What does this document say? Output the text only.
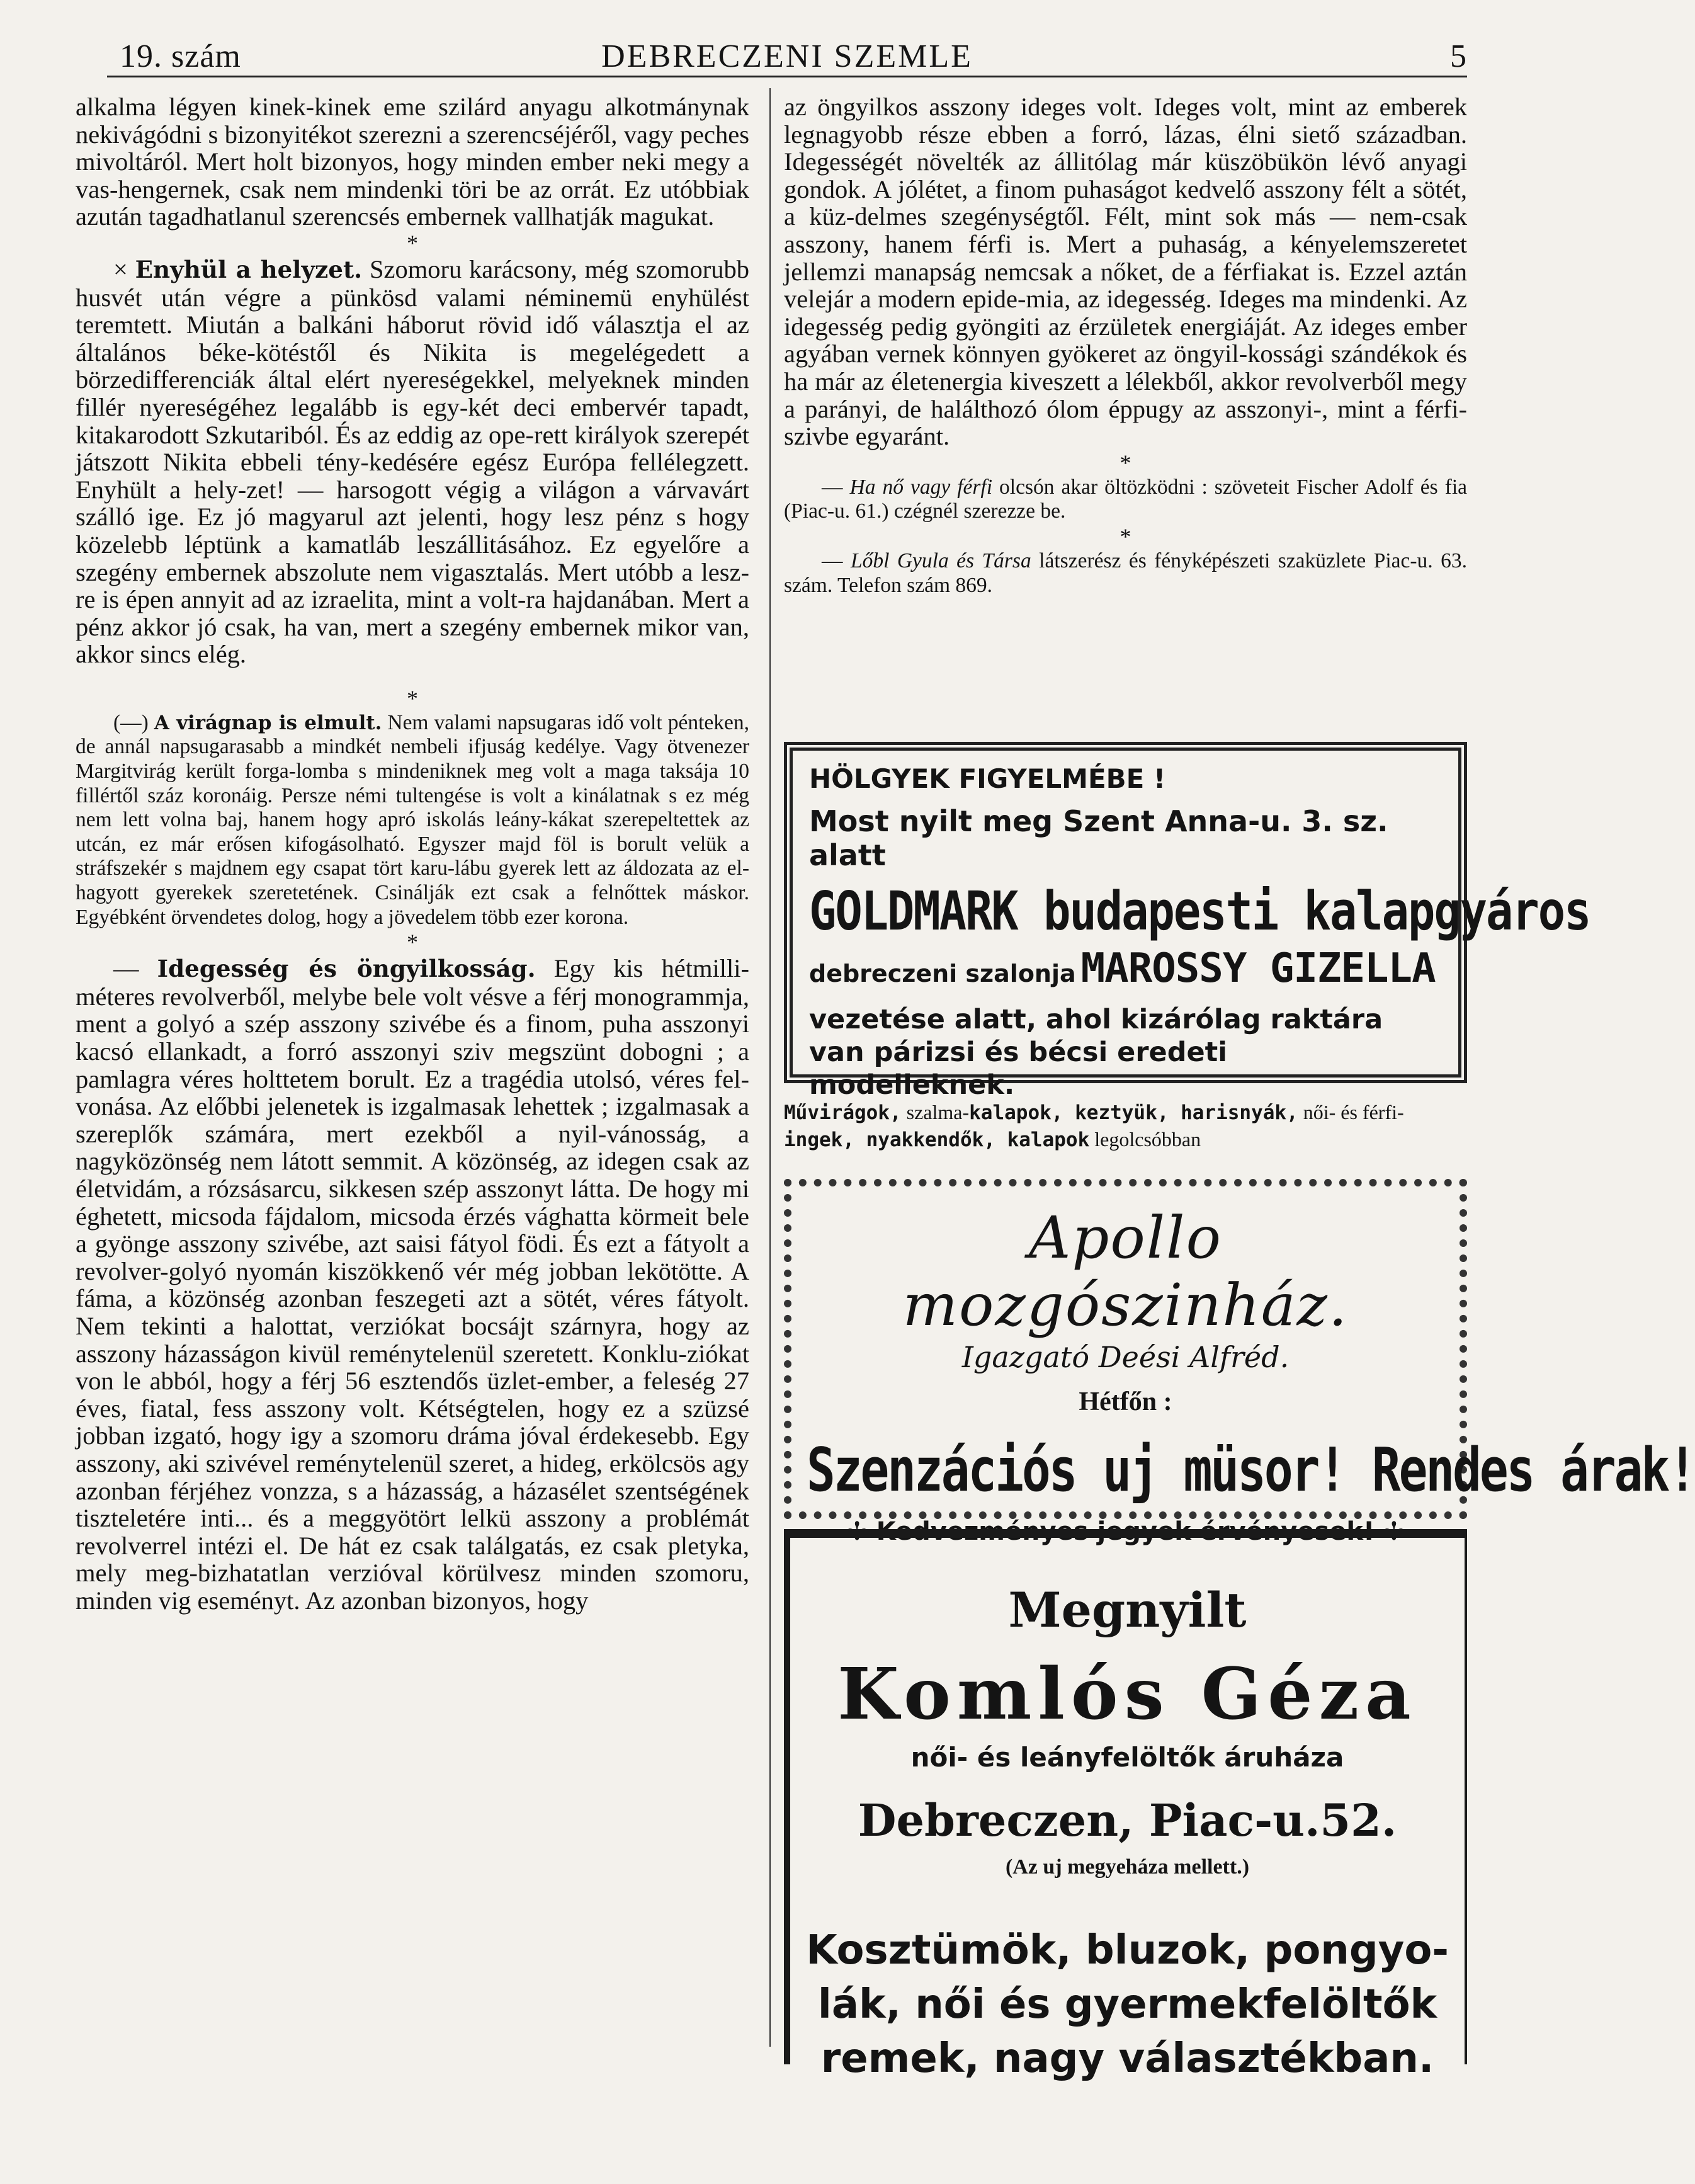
19. szám	DEBRECZENI SZEMLE	5

alkalma légyen kinek-kinek eme szilárd anyagu alkotmánynak nekivágódni s bizonyitékot szerezni a szerencséjéről, vagy peches mivoltáról. Mert holt bizonyos, hogy minden ember neki megy a vas-hengernek, csak nem mindenki töri be az orrát. Ez utóbbiak azután tagadhatlanul szerencsés embernek vallhatják magukat.

*

× Enyhül a helyzet. Szomoru karácsony, még szomorubb husvét után végre a pünkösd valami néminemü enyhülést teremtett. Miután a balkáni háborut rövid idő választja el az általános béke-kötéstől és Nikita is megelégedett a börzedifferenciák által elért nyereségekkel, melyeknek minden fillér nyereségéhez legalább is egy-két deci embervér tapadt, kitakarodott Szkutariból. És az eddig az ope-rett királyok szerepét játszott Nikita ebbeli tény-kedésére egész Európa fellélegzett. Enyhült a hely-zet! — harsogott végig a világon a várvavárt szálló ige. Ez jó magyarul azt jelenti, hogy lesz pénz s hogy közelebb léptünk a kamatláb leszállitásához. Ez egyelőre a szegény embernek abszolute nem vigasztalás. Mert utóbb a lesz-re is épen annyit ad az izraelita, mint a volt-ra hajdanában. Mert a pénz akkor jó csak, ha van, mert a szegény embernek mikor van, akkor sincs elég.

*

(—) A virágnap is elmult. Nem valami napsugaras idő volt pénteken, de annál napsugarasabb a mindkét nembeli ifjuság kedélye. Vagy ötvenezer Margitvirág került forga-lomba s mindeniknek meg volt a maga taksája 10 fillértől száz koronáig. Persze némi tultengése is volt a kinálatnak s ez még nem lett volna baj, hanem hogy apró iskolás leány-kákat szerepeltettek az utcán, ez már erősen kifogásolható. Egyszer majd föl is borult velük a stráfszekér s majdnem egy csapat tört karu-lábu gyerek lett az áldozata az el-hagyott gyerekek szeretetének. Csinálják ezt csak a felnőttek máskor. Egyébként örvendetes dolog, hogy a jövedelem több ezer korona.

*

— Idegesség és öngyilkosság. Egy kis hétmilli-méteres revolverből, melybe bele volt vésve a férj monogrammja, ment a golyó a szép asszony szivébe és a finom, puha asszonyi kacsó ellankadt, a forró asszonyi sziv megszünt dobogni ; a pamlagra véres holttetem borult. Ez a tragédia utolsó, véres fel-vonása. Az előbbi jelenetek is izgalmasak lehettek ; izgalmasak a szereplők számára, mert ezekből a nyil-vánosság, a nagyközönség nem látott semmit. A közönség, az idegen csak az életvidám, a rózsásarcu, sikkesen szép asszonyt látta. De hogy mi éghetett, micsoda fájdalom, micsoda érzés vághatta körmeit bele a gyönge asszony szivébe, azt saisi fátyol födi. És ezt a fátyolt a revolver-golyó nyomán kiszökkenő vér még jobban lekötötte. A fáma, a közönség azonban feszegeti azt a sötét, véres fátyolt. Nem tekinti a halottat, verziókat bocsájt szárnyra, hogy az asszony házasságon kivül reménytelenül szeretett. Konklu-ziókat von le abból, hogy a férj 56 esztendős üzlet-ember, a feleség 27 éves, fiatal, fess asszony volt. Kétségtelen, hogy ez a szüzsé jobban izgató, hogy igy a szomoru dráma jóval érdekesebb. Egy asszony, aki szivével reménytelenül szeret, a hideg, erkölcsös agy azonban férjéhez vonzza, s a házasság, a házasélet szentségének tiszteletére inti... és a meggyötört lelkü asszony a problémát revolverrel intézi el. De hát ez csak találgatás, ez csak pletyka, mely meg-bizhatatlan verzióval körülvesz minden szomoru, minden vig eseményt. Az azonban bizonyos, hogy

az öngyilkos asszony ideges volt. Ideges volt, mint az emberek legnagyobb része ebben a forró, lázas, élni siető században. Idegességét növelték az állitólag már küszöbükön lévő anyagi gondok. A jólétet, a finom puhaságot kedvelő asszony félt a sötét, a küz-delmes szegénységtől. Félt, mint sok más — nem-csak asszony, hanem férfi is. Mert a puhaság, a kényelemszeretet jellemzi manapság nemcsak a nőket, de a férfiakat is. Ezzel aztán velejár a modern epide-mia, az idegesség. Ideges ma mindenki. Az idegesség pedig gyöngiti az érzületek energiáját. Az ideges ember agyában vernek könnyen gyökeret az öngyil-kossági szándékok és ha már az életenergia kiveszett a lélekből, akkor revolverből megy a parányi, de halálthozó ólom éppugy az asszonyi-, mint a férfi-szivbe egyaránt.

*

— Ha nő vagy férfi olcsón akar öltözködni : szöveteit Fischer Adolf és fia (Piac-u. 61.) czégnél szerezze be.

*

— Lőbl Gyula és Társa látszerész és fényképészeti szaküzlete Piac-u. 63. szám. Telefon szám 869.

HÖLGYEK FIGYELMÉBE !

Most nyilt meg Szent Anna-u. 3. sz. alatt

GOLDMARK budapesti kalapgyáros

debreczeni szalonja MAROSSY GIZELLA

vezetése alatt, ahol kizárólag raktára van párizsi és bécsi eredeti modelleknek.

Művirágok, szalma-kalapok, keztyük, harisnyák, női- és férfi-
ingek, nyakkendők, kalapok legolcsóbban

Apollo mozgószinház.

Igazgató Deési Alfréd.

Hétfőn :

Szenzációs uj müsor! Rendes árak!

✢ Kedvezményes jegyek érvényesek! ✢

Megnyilt

Komlós Géza

női- és leányfelöltők áruháza

Debreczen, Piac-u.52.

(Az uj megyeháza mellett.)

Kosztümök, bluzok, pongyo-lák, női és gyermekfelöltők remek, nagy választékban.
